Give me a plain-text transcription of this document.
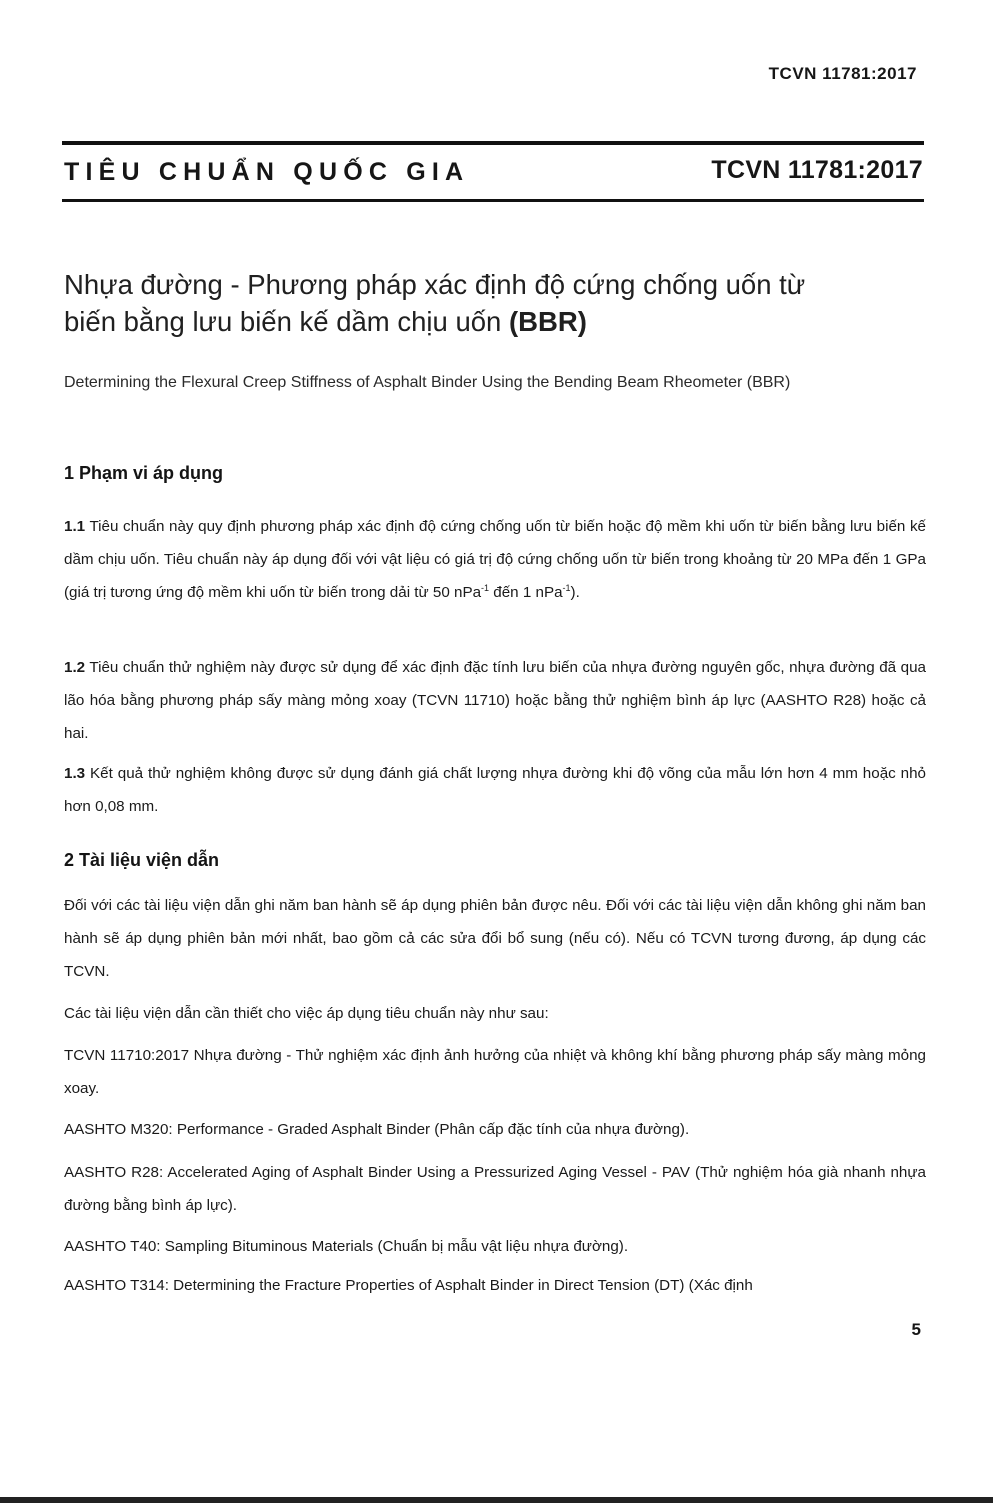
TCVN 11781:2017
TIÊU CHUẨN QUỐC GIA	TCVN 11781:2017
Nhựa đường - Phương pháp xác định độ cứng chống uốn từ
biến bằng lưu biến kế dầm chịu uốn (BBR)
Determining the Flexural Creep Stiffness of Asphalt Binder Using the Bending Beam Rheometer (BBR)
1 Phạm vi áp dụng
1.1 Tiêu chuẩn này quy định phương pháp xác định độ cứng chống uốn từ biến hoặc độ mềm khi uốn từ biến bằng lưu biến kế dầm chịu uốn. Tiêu chuẩn này áp dụng đối với vật liệu có giá trị độ cứng chống uốn từ biến trong khoảng từ 20 MPa đến 1 GPa (giá trị tương ứng độ mềm khi uốn từ biến trong dải từ 50 nPa$^{-1}$ đến 1 nPa$^{-1}$).
1.2 Tiêu chuẩn thử nghiệm này được sử dụng để xác định đặc tính lưu biến của nhựa đường nguyên gốc, nhựa đường đã qua lão hóa bằng phương pháp sấy màng mỏng xoay (TCVN 11710) hoặc bằng thử nghiệm bình áp lực (AASHTO R28) hoặc cả hai.
1.3 Kết quả thử nghiệm không được sử dụng đánh giá chất lượng nhựa đường khi độ võng của mẫu lớn hơn 4 mm hoặc nhỏ hơn 0,08 mm.
2 Tài liệu viện dẫn
Đối với các tài liệu viện dẫn ghi năm ban hành sẽ áp dụng phiên bản được nêu. Đối với các tài liệu viện dẫn không ghi năm ban hành sẽ áp dụng phiên bản mới nhất, bao gồm cả các sửa đổi bổ sung (nếu có). Nếu có TCVN tương đương, áp dụng các TCVN.
Các tài liệu viện dẫn cần thiết cho việc áp dụng tiêu chuẩn này như sau:
TCVN 11710:2017 Nhựa đường - Thử nghiệm xác định ảnh hưởng của nhiệt và không khí bằng phương pháp sấy màng mỏng xoay.
AASHTO M320: Performance - Graded Asphalt Binder (Phân cấp đặc tính của nhựa đường).
AASHTO R28: Accelerated Aging of Asphalt Binder Using a Pressurized Aging Vessel - PAV (Thử nghiệm hóa già nhanh nhựa đường bằng bình áp lực).
AASHTO T40: Sampling Bituminous Materials (Chuẩn bị mẫu vật liệu nhựa đường).
AASHTO T314: Determining the Fracture Properties of Asphalt Binder in Direct Tension (DT) (Xác định
5
